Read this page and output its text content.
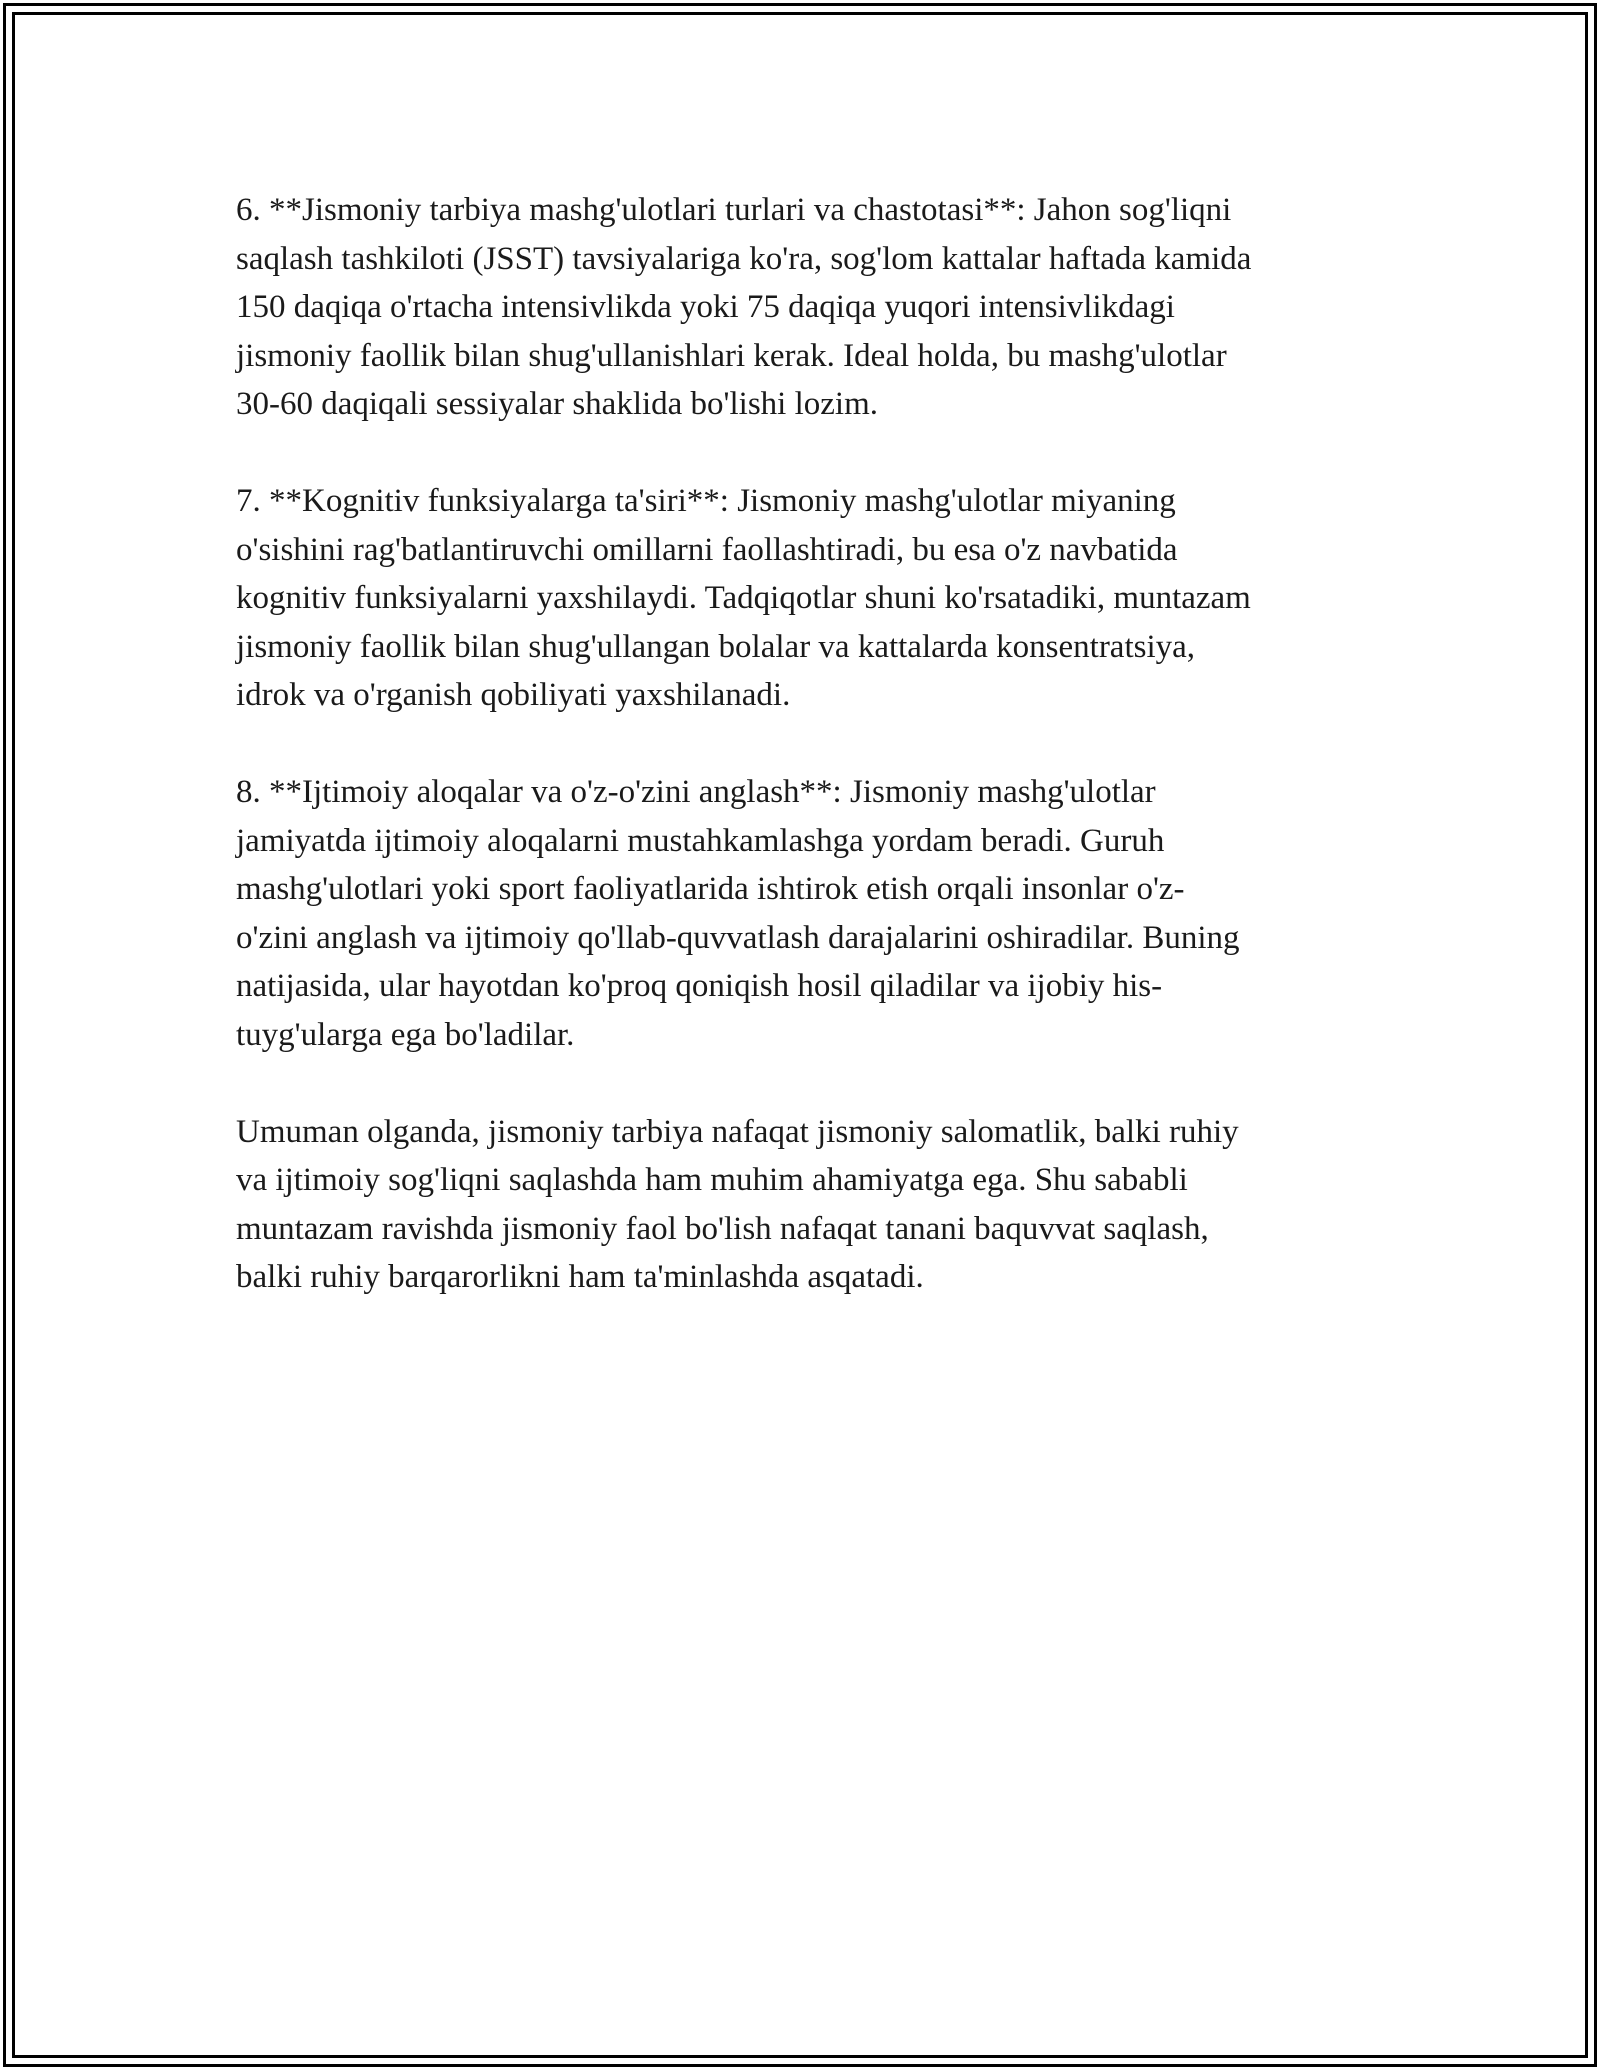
6. **Jismoniy tarbiya mashg'ulotlari turlari va chastotasi**: Jahon sog'liqni
saqlash tashkiloti (JSST) tavsiyalariga ko'ra, sog'lom kattalar haftada kamida
150 daqiqa o'rtacha intensivlikda yoki 75 daqiqa yuqori intensivlikdagi
jismoniy faollik bilan shug'ullanishlari kerak. Ideal holda, bu mashg'ulotlar
30-60 daqiqali sessiyalar shaklida bo'lishi lozim.

7. **Kognitiv funksiyalarga ta'siri**: Jismoniy mashg'ulotlar miyaning
o'sishini rag'batlantiruvchi omillarni faollashtiradi, bu esa o'z navbatida
kognitiv funksiyalarni yaxshilaydi. Tadqiqotlar shuni ko'rsatadiki, muntazam
jismoniy faollik bilan shug'ullangan bolalar va kattalarda konsentratsiya,
idrok va o'rganish qobiliyati yaxshilanadi.

8. **Ijtimoiy aloqalar va o'z-o'zini anglash**: Jismoniy mashg'ulotlar
jamiyatda ijtimoiy aloqalarni mustahkamlashga yordam beradi. Guruh
mashg'ulotlari yoki sport faoliyatlarida ishtirok etish orqali insonlar o'z-
o'zini anglash va ijtimoiy qo'llab-quvvatlash darajalarini oshiradilar. Buning
natijasida, ular hayotdan ko'proq qoniqish hosil qiladilar va ijobiy his-
tuyg'ularga ega bo'ladilar.

Umuman olganda, jismoniy tarbiya nafaqat jismoniy salomatlik, balki ruhiy
va ijtimoiy sog'liqni saqlashda ham muhim ahamiyatga ega. Shu sababli
muntazam ravishda jismoniy faol bo'lish nafaqat tanani baquvvat saqlash,
balki ruhiy barqarorlikni ham ta'minlashda asqatadi.
